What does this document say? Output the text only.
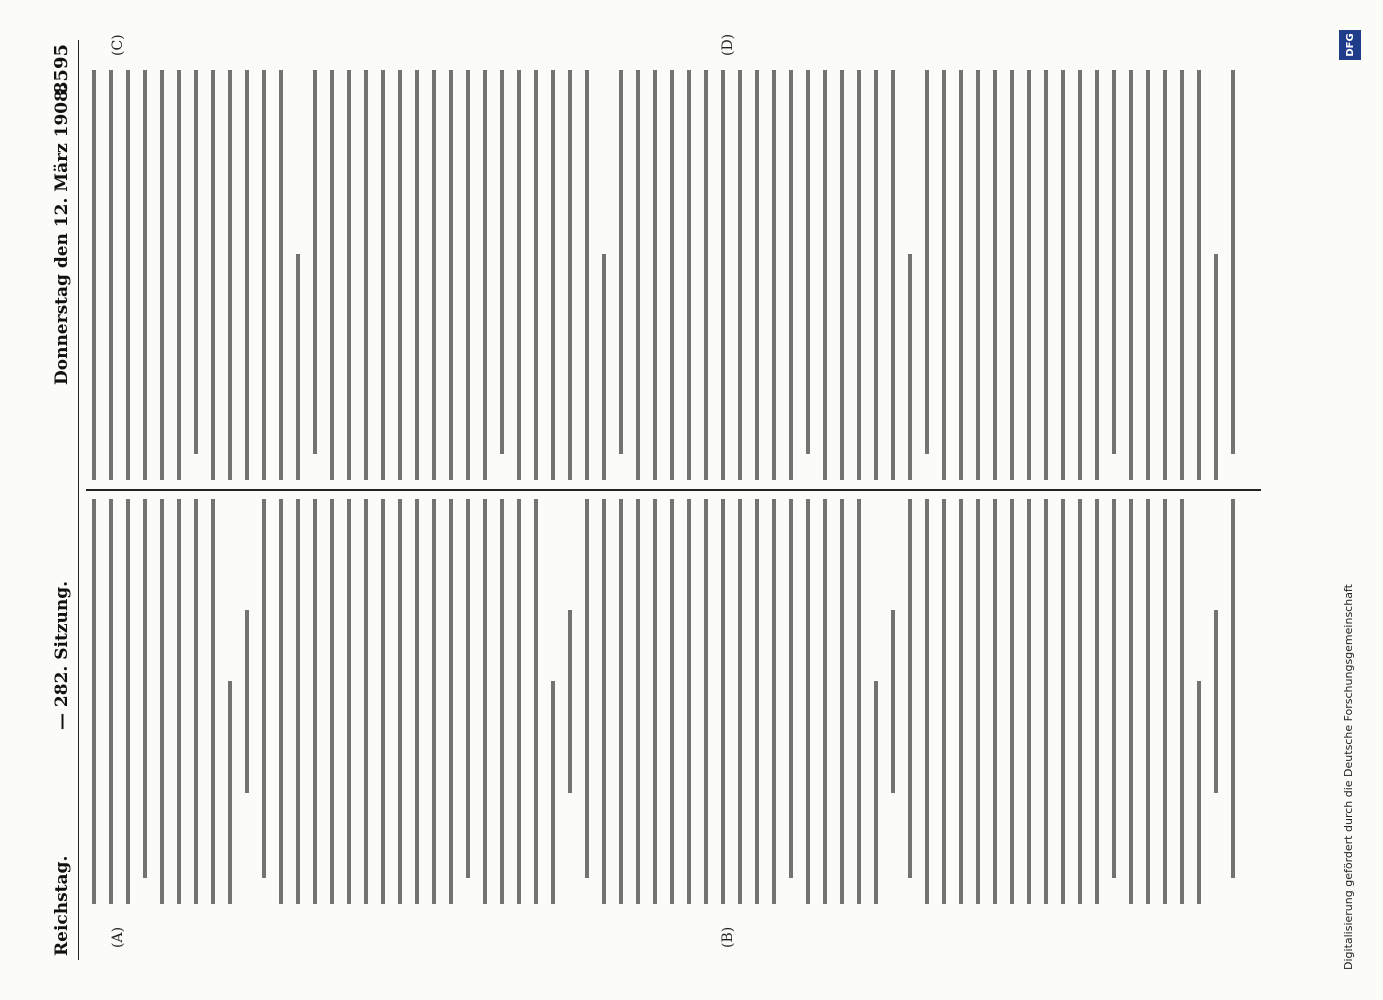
Reichstag.
— 282. Sitzung.
Donnerstag den 12. März 1908.
8595
(A)	(B)
(C)	(D)
Digitalisierung gefördert durch die Deutsche Forschungsgemeinschaft
DFG
